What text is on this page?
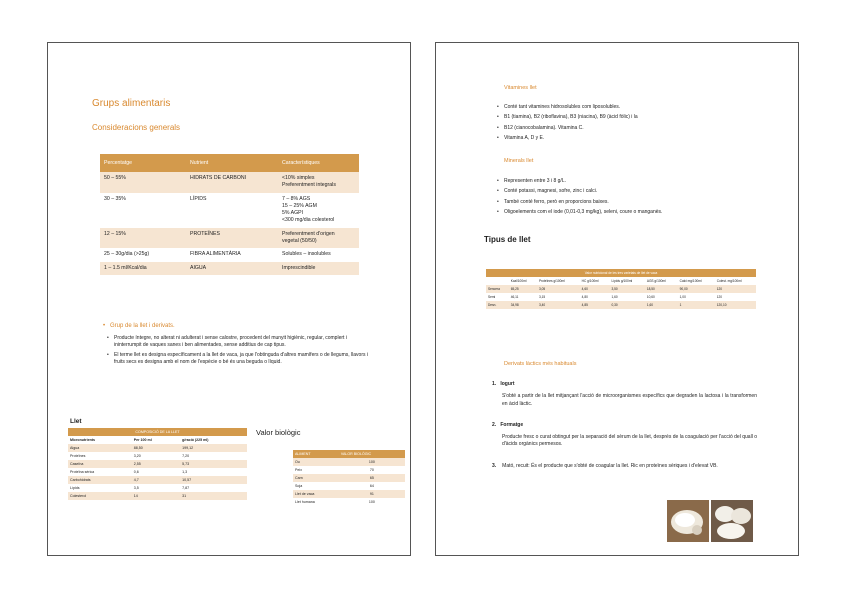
Grups alimentaris
Consideracions generals
Percentatge	Nutrient	Característiques
50 – 55%	HIDRATS DE CARBONI	<10% simples
Preferentment integrals

30 – 35%	LÍPIDS	7 – 8% AGS
15 – 25% AGM
5% AGPI
<300 mg/dia colesterol

12 – 15%	PROTEÏNES	Preferentment d'origen
vegetal (50/50)

25 – 30g/dia (>25g)	FIBRA ALIMENTÀRIA	Solubles – insolubles
1 – 1.5 ml/Kcal/dia	AIGUA	Imprescindible
• Grup de la llet i derivats.
• Producte íntegre, no alterat ni adulterat i sense calostre, procedent del munyit higiènic, regular, complert i ininterrumpit de vaques sanes i ben alimentades, sense additius de cap tipus.
• El terme llet es designa específicament a la llet de vaca, ja que l'obtinguda d'altres mamífers o de llegums, llavors i fruits secs es designa amb el nom de l'espècie o bé és una beguda o líquid.
Llet
COMPOSICIÓ DE LA LLET		
Micronutrients	Per 100 ml	g/ració (225 ml)
Aigua	88,50	199,12
Proteïnes	3,20	7,20
Caseïna	2,55	5,73
Proteïna sèrica	0,6	1,3
Carbohidrats	4,7	10,57
Lípids	3,5	7,87
Colesterol	14	31
Valor biològic
ALIMENT	VALOR BIOLÒGIC
Ou	100
Peix	70
Carn	65
Soja	64
Llet de vaca	91
Llet humana	100
Vitamines llet
• Conté tant vitamines hidrosolubles com liposolubles.
• B1 (tiamina), B2 (riboflavina), B3 (niacina), B9 (àcid fòlic) i la
• B12 (cianocobalamina). Vitamina C.
• Vitamina A, D y E.
Minerals llet
• Representen entre 3 i 8 g/L.
• Conté potassi, magnesi, sofre, zinc i calci.
• També conté ferro, però en proporcions baixes.
• Oligoelements com el iode (0,01-0,3 mg/kg), seleni, coure o manganès.
Tipus de llet
Valor nutricional de les tres varietats de llet de vaca							
	Kcal/100ml	Proteïnes g/100ml	HC g/100ml	Lípids g/100ml	AGS g/100ml	Calci mg/100ml	Colest. mg/100ml
Sencera	65,25	3,05	4,60	3,50	18,50	90,00	120
Semi	46,11	3,15	4,80	1,60	10,60	1,00	120
Desn.	34,98	3,40	4,85	0,30	1,60	1	120,10
Derivats làctics més habituals
1. Iogurt
S'obté a partir de la llet mitjançant l'acció de microorganismes específics que degraden la lactosa i la transformen en àcid làctic.
2. Formatge
Producte fresc o curat obtingut per la separació del sèrum de la llet, després de la coagulació per l'acció del quall o d'àcids orgànics permesos.
3.	Mató, recuit: És el producte que s'obté de coagular la llet. Ric en proteïnes sèriques i d'elevat VB.
